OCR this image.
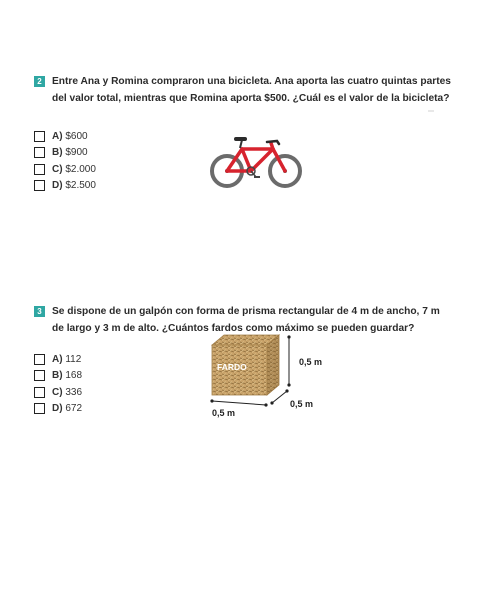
2	Entre Ana y Romina compraron una bicicleta. Ana aporta las cuatro quintas partes del valor total, mientras que Romina aporta $500. ¿Cuál es el valor de la bicicleta?
A) $600
B) $900
C) $2.000
D) $2.500
3	Se dispone de un galpón con forma de prisma rectangular de 4 m de ancho, 7 m de largo y 3 m de alto. ¿Cuántos fardos como máximo se pueden guardar?
A) 112
B) 168
C) 336
D) 672
FARDO	0,5 m
0,5 m
0,5 m
